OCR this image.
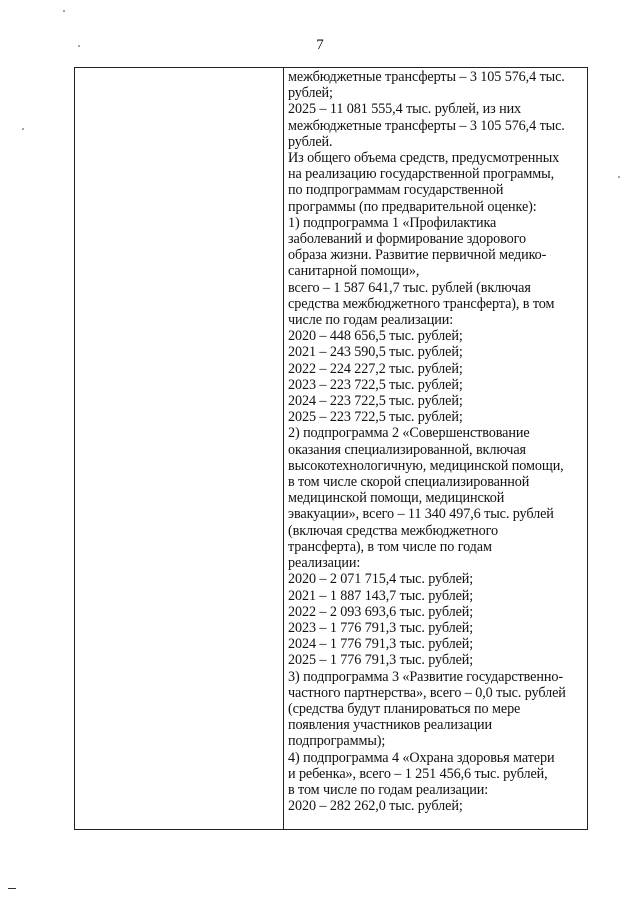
7
межбюджетные трансферты – 3 105 576,4 тыс.
рублей;
2025 – 11 081 555,4 тыс. рублей, из них
межбюджетные трансферты – 3 105 576,4 тыс.
рублей.
Из общего объема средств, предусмотренных
на реализацию государственной программы,
по подпрограммам государственной
программы (по предварительной оценке):
1) подпрограмма 1 «Профилактика
заболеваний и формирование здорового
образа жизни. Развитие первичной медико-
санитарной помощи»,
всего – 1 587 641,7 тыс. рублей (включая
средства межбюджетного трансферта), в том
числе по годам реализации:
2020 – 448 656,5 тыс. рублей;
2021 – 243 590,5 тыс. рублей;
2022 – 224 227,2 тыс. рублей;
2023 – 223 722,5 тыс. рублей;
2024 – 223 722,5 тыс. рублей;
2025 – 223 722,5 тыс. рублей;
2) подпрограмма 2 «Совершенствование
оказания специализированной, включая
высокотехнологичную, медицинской помощи,
в том числе скорой специализированной
медицинской помощи, медицинской
эвакуации», всего – 11 340 497,6 тыс. рублей
(включая средства межбюджетного
трансферта), в том числе по годам
реализации:
2020 – 2 071 715,4 тыс. рублей;
2021 – 1 887 143,7 тыс. рублей;
2022 – 2 093 693,6 тыс. рублей;
2023 – 1 776 791,3 тыс. рублей;
2024 – 1 776 791,3 тыс. рублей;
2025 – 1 776 791,3 тыс. рублей;
3) подпрограмма 3 «Развитие государственно-
частного партнерства», всего – 0,0 тыс. рублей
(средства будут планироваться по мере
появления участников реализации
подпрограммы);
4) подпрограмма 4 «Охрана здоровья матери
и ребенка», всего – 1 251 456,6 тыс. рублей,
в том числе по годам реализации:
2020 – 282 262,0 тыс. рублей;
